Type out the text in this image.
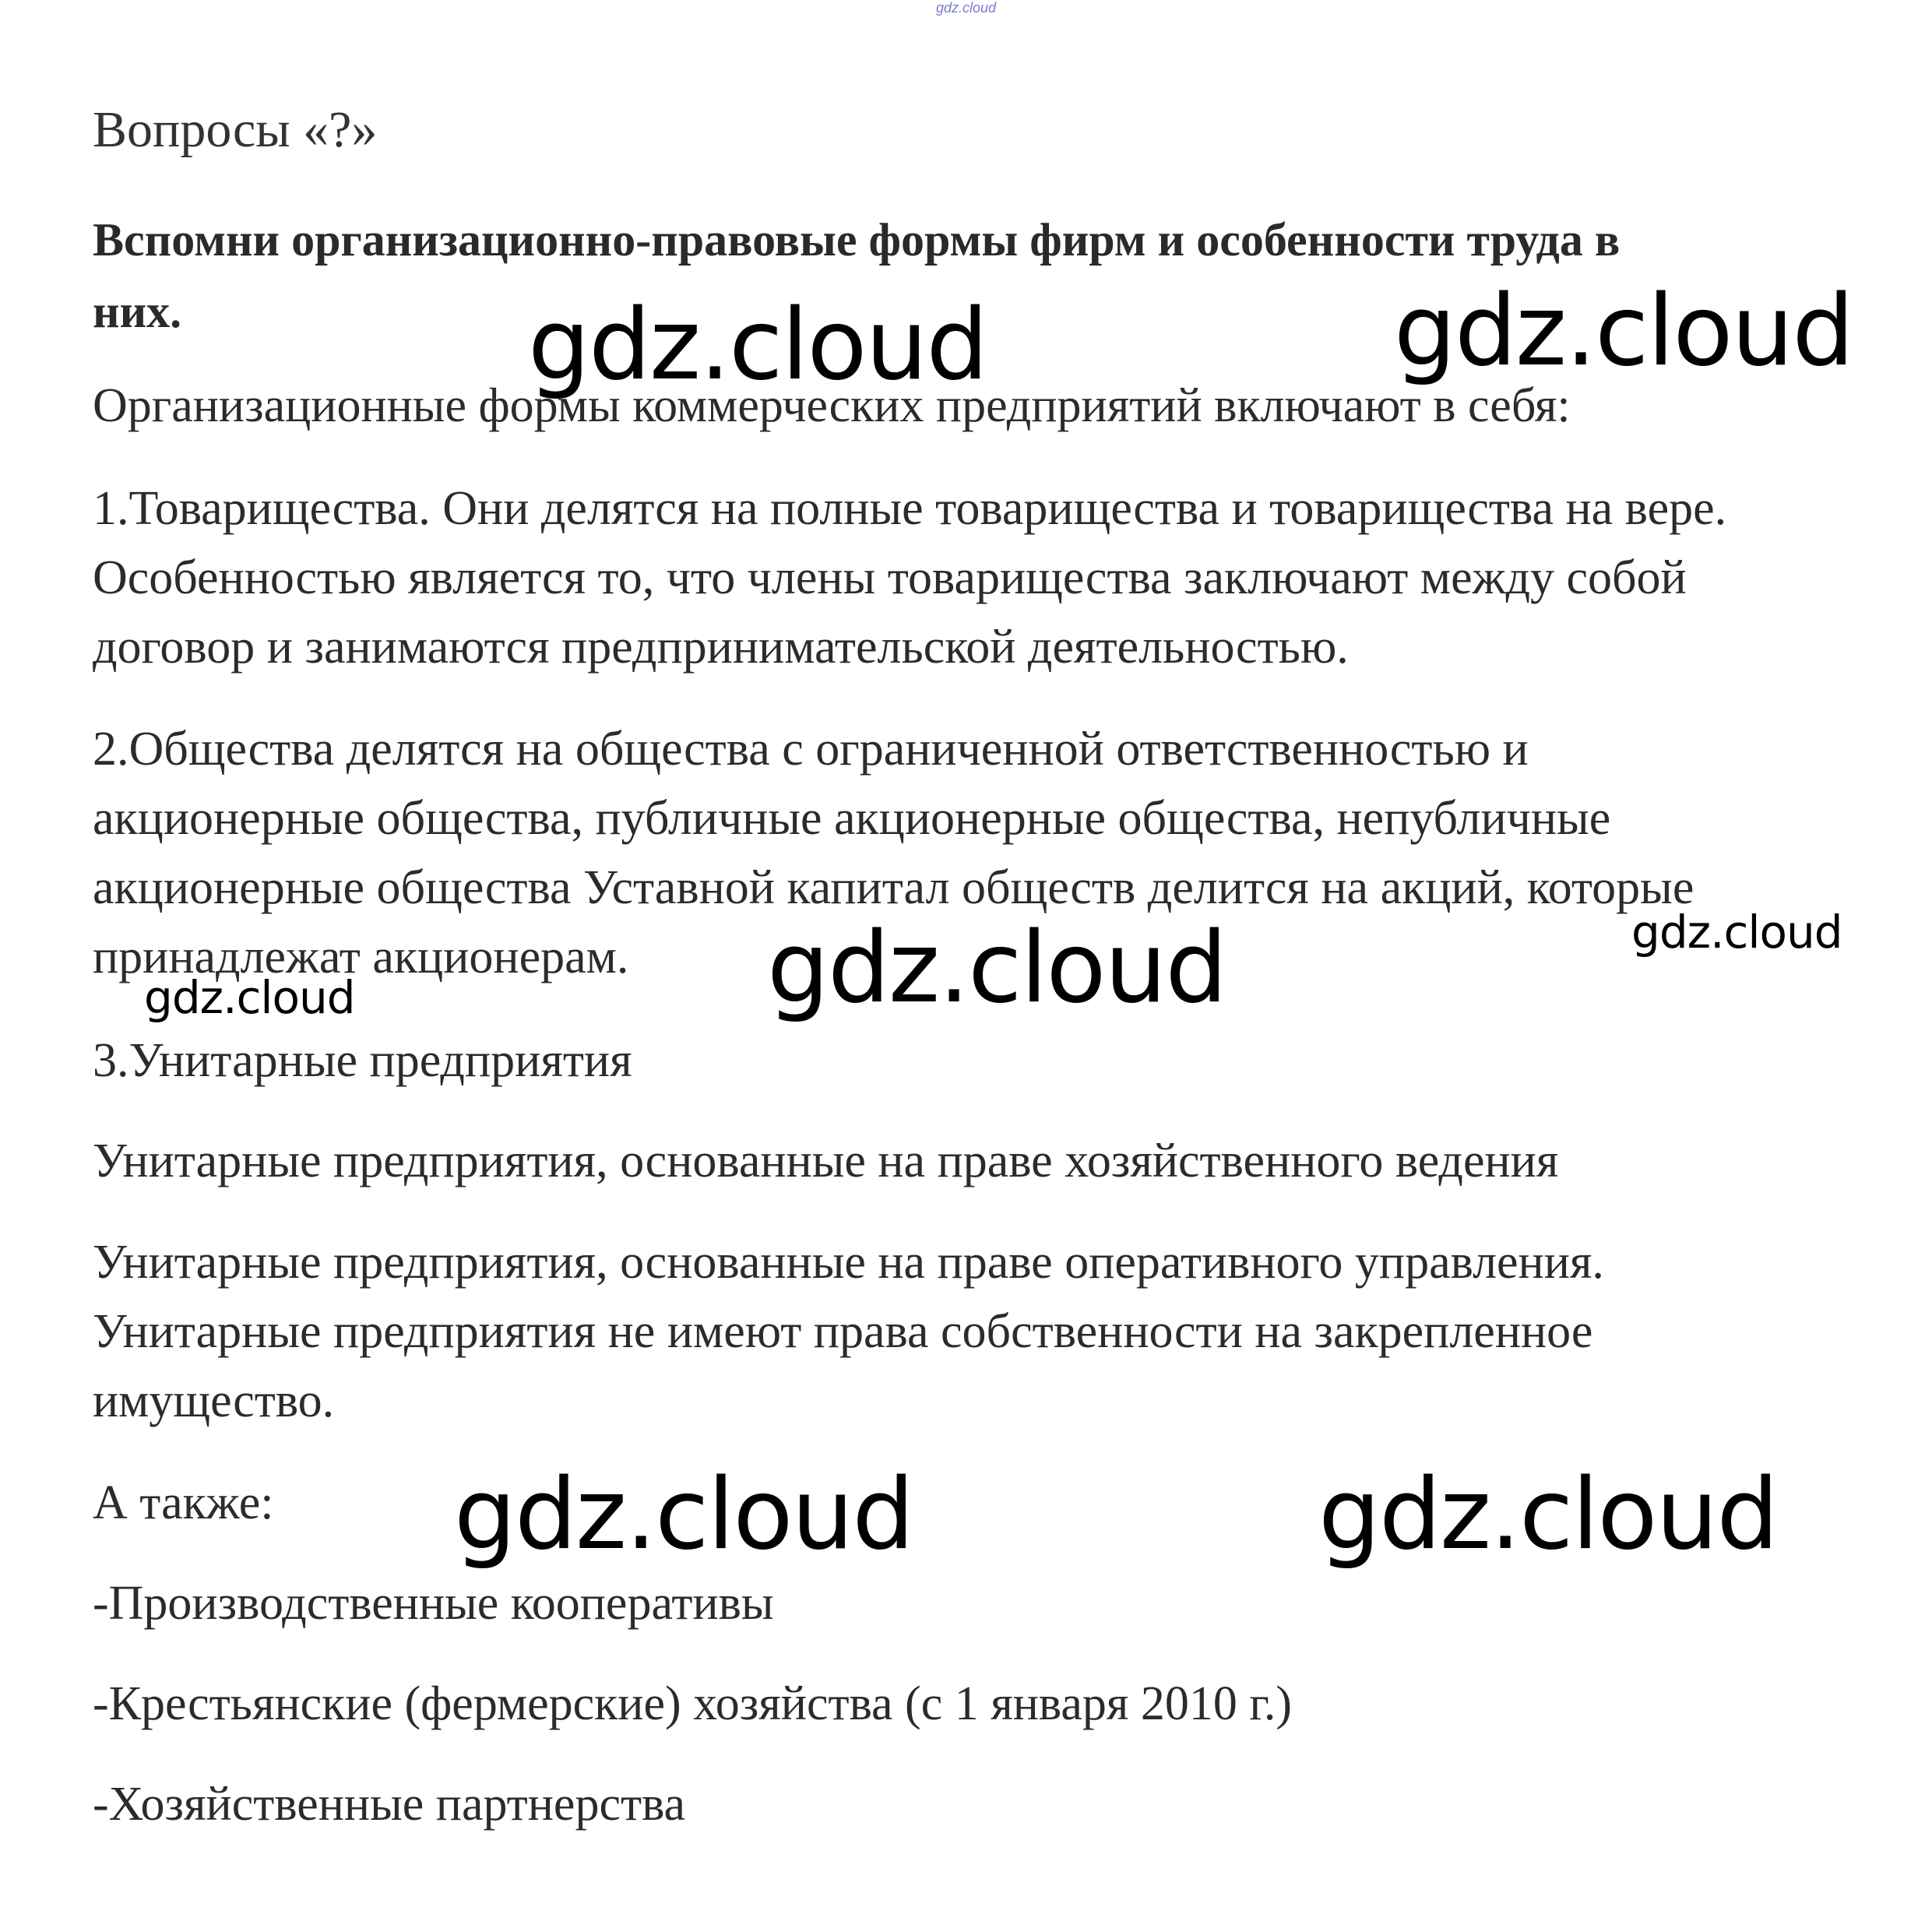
gdz.cloud

Вопросы «?»

Вспомни организационно-правовые формы фирм и особенности труда в

них.

Организационные формы коммерческих предприятий включают в себя:

1.Товарищества. Они делятся на полные товарищества и товарищества на вере.

Особенностью является то, что члены товарищества заключают между собой

договор и занимаются предпринимательской деятельностью.

2.Общества делятся на общества с ограниченной ответственностью и

акционерные общества, публичные акционерные общества, непубличные

акционерные общества Уставной капитал обществ делится на акций, которые

принадлежат акционерам.

3.Унитарные предприятия

Унитарные предприятия, основанные на праве хозяйственного ведения

Унитарные предприятия, основанные на праве оперативного управления.

Унитарные предприятия не имеют права собственности на закрепленное

имущество.

А также:

-Производственные кооперативы

-Крестьянские (фермерские) хозяйства (с 1 января 2010 г.)

-Хозяйственные партнерства

gdz.cloud	gdz.cloud
gdz.cloud	gdz.cloud
gdz.cloud
gdz.cloud	gdz.cloud
